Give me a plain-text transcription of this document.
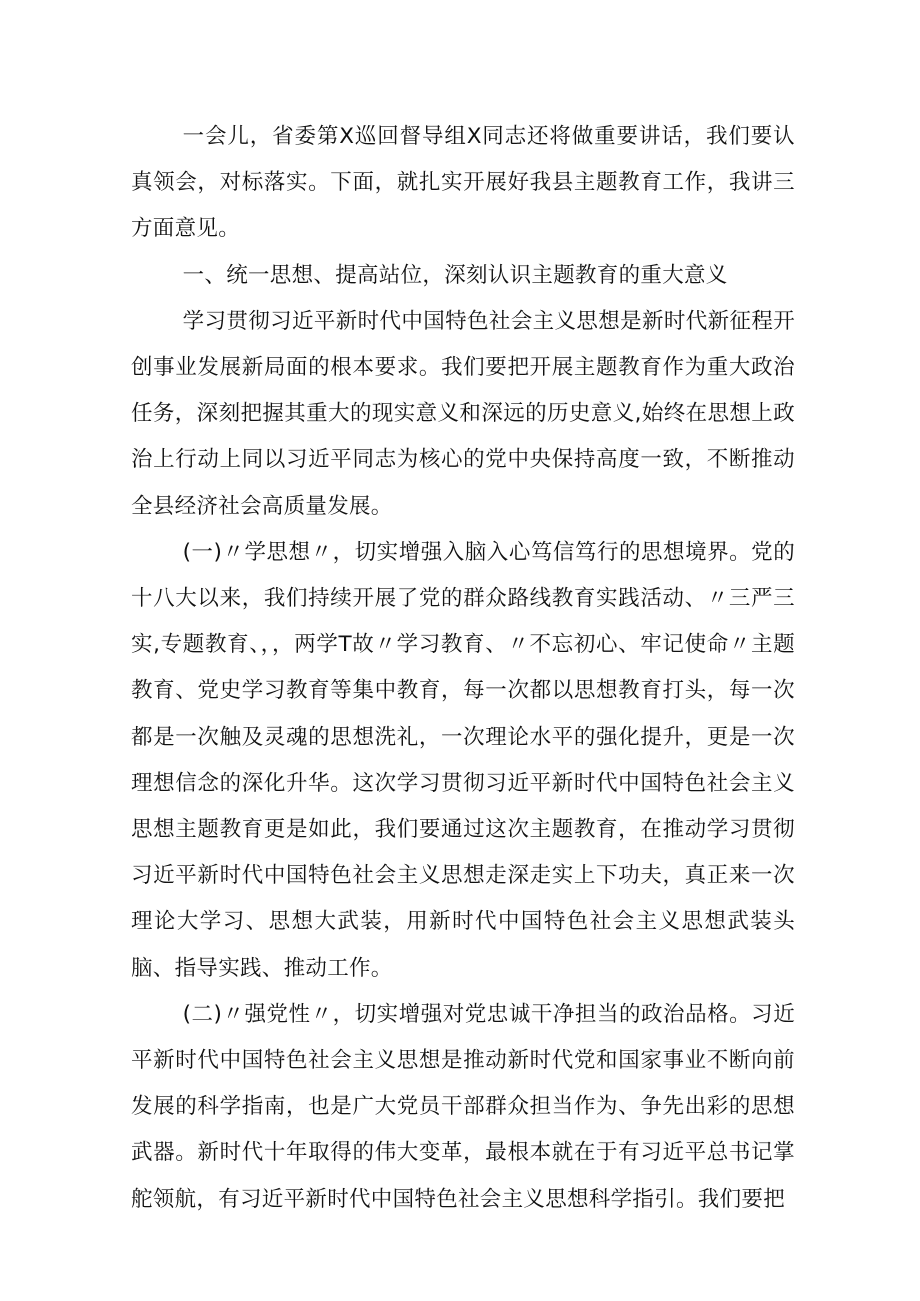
一会儿，省委第X巡回督导组X同志还将做重要讲话，我们要认真领会，对标落实。下面，就扎实开展好我县主题教育工作，我讲三方面意见。

一、统一思想、提高站位，深刻认识主题教育的重大意义

学习贯彻习近平新时代中国特色社会主义思想是新时代新征程开创事业发展新局面的根本要求。我们要把开展主题教育作为重大政治任务，深刻把握其重大的现实意义和深远的历史意义,始终在思想上政治上行动上同以习近平同志为核心的党中央保持高度一致，不断推动全县经济社会高质量发展。

(一)〃学思想〃，切实增强入脑入心笃信笃行的思想境界。党的十八大以来，我们持续开展了党的群众路线教育实践活动、〃三严三实,专题教育、，，两学T故〃学习教育、〃不忘初心、牢记使命〃主题教育、党史学习教育等集中教育，每一次都以思想教育打头，每一次都是一次触及灵魂的思想洗礼，一次理论水平的强化提升，更是一次理想信念的深化升华。这次学习贯彻习近平新时代中国特色社会主义思想主题教育更是如此，我们要通过这次主题教育，在推动学习贯彻习近平新时代中国特色社会主义思想走深走实上下功夫，真正来一次理论大学习、思想大武装，用新时代中国特色社会主义思想武装头脑、指导实践、推动工作。

(二)〃强党性〃，切实增强对党忠诚干净担当的政治品格。习近平新时代中国特色社会主义思想是推动新时代党和国家事业不断向前发展的科学指南，也是广大党员干部群众担当作为、争先出彩的思想武器。新时代十年取得的伟大变革，最根本就在于有习近平总书记掌舵领航，有习近平新时代中国特色社会主义思想科学指引。我们要把
